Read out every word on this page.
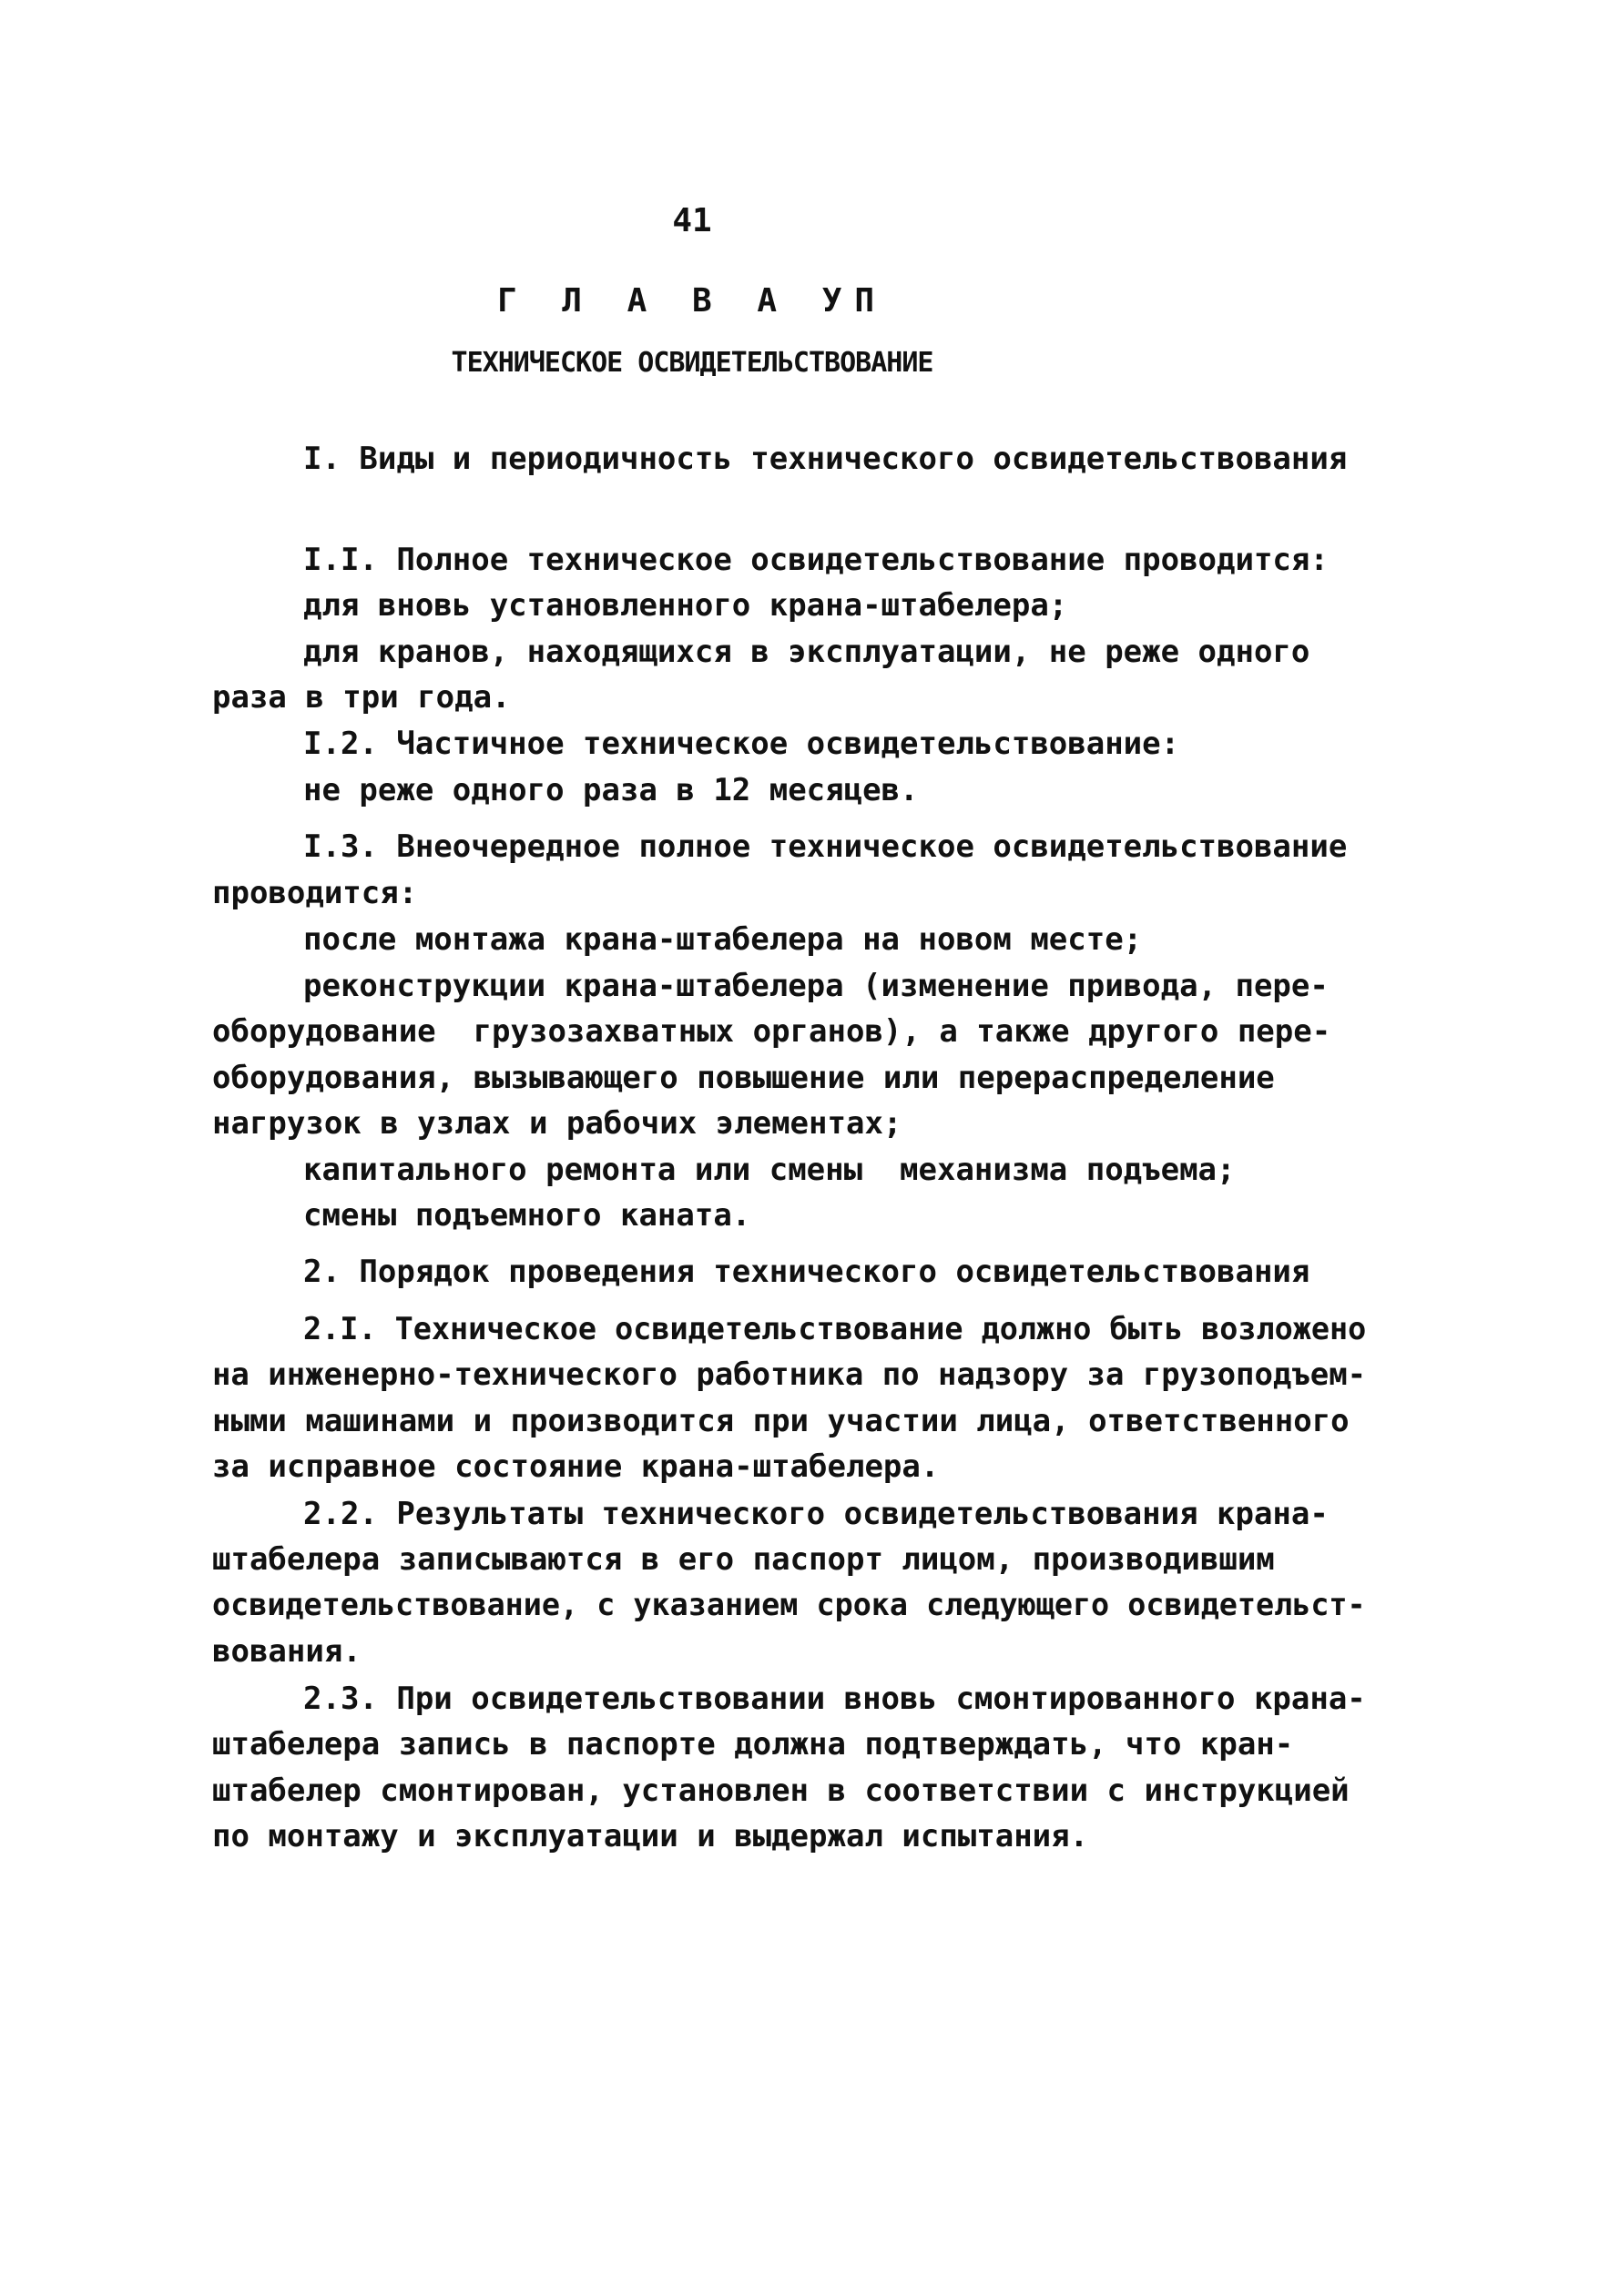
41
Г Л А В А УП
ТЕХНИЧЕСКОЕ ОСВИДЕТЕЛЬСТВОВАНИЕ
I. Виды и периодичность технического освидетельствования
I.I. Полное техническое освидетельствование проводится:
для вновь установленного крана-штабелера;
для кранов, находящихся в эксплуатации, не реже одного
раза в три года.
I.2. Частичное техническое освидетельствование:
не реже одного раза в 12 месяцев.
I.3. Внеочередное полное техническое освидетельствование
проводится:
после монтажа крана-штабелера на новом месте;
реконструкции крана-штабелера (изменение привода, пере-
оборудование  грузозахватных органов), а также другого пере-
оборудования, вызывающего повышение или перераспределение
нагрузок в узлах и рабочих элементах;
капитального ремонта или смены  механизма подъема;
смены подъемного каната.
2. Порядок проведения технического освидетельствования
2.I. Техническое освидетельствование должно быть возложено
на инженерно-технического работника по надзору за грузоподъем-
ными машинами и производится при участии лица, ответственного
за исправное состояние крана-штабелера.
2.2. Результаты технического освидетельствования крана-
штабелера записываются в его паспорт лицом, производившим
освидетельствование, с указанием срока следующего освидетельст-
вования.
2.3. При освидетельствовании вновь смонтированного крана-
штабелера запись в паспорте должна подтверждать, что кран-
штабелер смонтирован, установлен в соответствии с инструкцией
по монтажу и эксплуатации и выдержал испытания.
